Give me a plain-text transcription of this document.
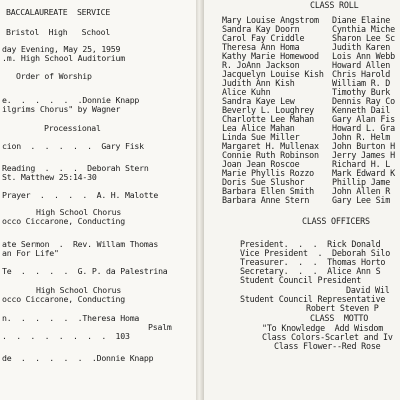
BACCALAUREATE  SERVICE
Bristol  High   School
day Evening, May 25, 1959
.m. High School Auditorium
Order of Worship
e.  .  .  .  .  .Donnie Knapp
ilgrims Chorus" by Wagner
Processional
cion  .  .  .  .  .  Gary Fisk
Reading  .  .  .  Deborah Stern
St. Matthew 25:14-30
Prayer  .  .  .  .  A. H. Malotte
High School Chorus
occo Ciccarone, Conducting
ate Sermon  .  Rev. Willam Thomas
an For Life"
Te  .  .  .  .  G. P. da Palestrina
High School Chorus
occo Ciccarone, Conducting
n.  .  .  .  .  .Theresa Homa
Psalm
.  .  .  .  .  .  .  .  103
de  .  .  .  .  .  .Donnie Knapp
CLASS ROLL
Mary Louise Angstrom
Sandra Kay Doorn
Carol Fay Criddle
Theresa Ann Homa
Kathy Marie Homewood
R. JoAnn Jackson
Jacquelyn Louise Kish
Judith Ann Kish
Alice Kuhn
Sandra Kaye Lew
Beverly L. Loughrey
Charlotte Lee Mahan
Lea Alice Mahan
Linda Sue Miller
Margaret H. Mullenax
Connie Ruth Robinson
Joan Jean Roscoe
Marie Phyllis Rozzo
Doris Sue Slushor
Barbara Ellen Smith
Barbara Anne Stern
Diane Elaine
Cynthia Miche
Sharon Lee Sc
Judith Karen
Lois Ann Webb
Howard Allen
Chris Harold
William R. D
Timothy Burk
Dennis Ray Co
Kenneth Dail
Gary Alan Fis
Howard L. Gra
John R. Helm
John Burton H
Jerry James H
Richard H. L
Mark Edward K
Phillip Jame
John Allen R
Gary Lee Sim
CLASS OFFICERS
President.  .  .  Rick Donald
Vice President  .  Deborah Silo
Treasurer.  .  .  Thomas Horto
Secretary.  .  .  Alice Ann S
Student Council President
David Wil
Student Council Representative
Robert Steven P
CLASS  MOTTO
"To Knowledge  Add Wisdom
Class Colors-Scarlet and Iv
Class Flower--Red Rose
